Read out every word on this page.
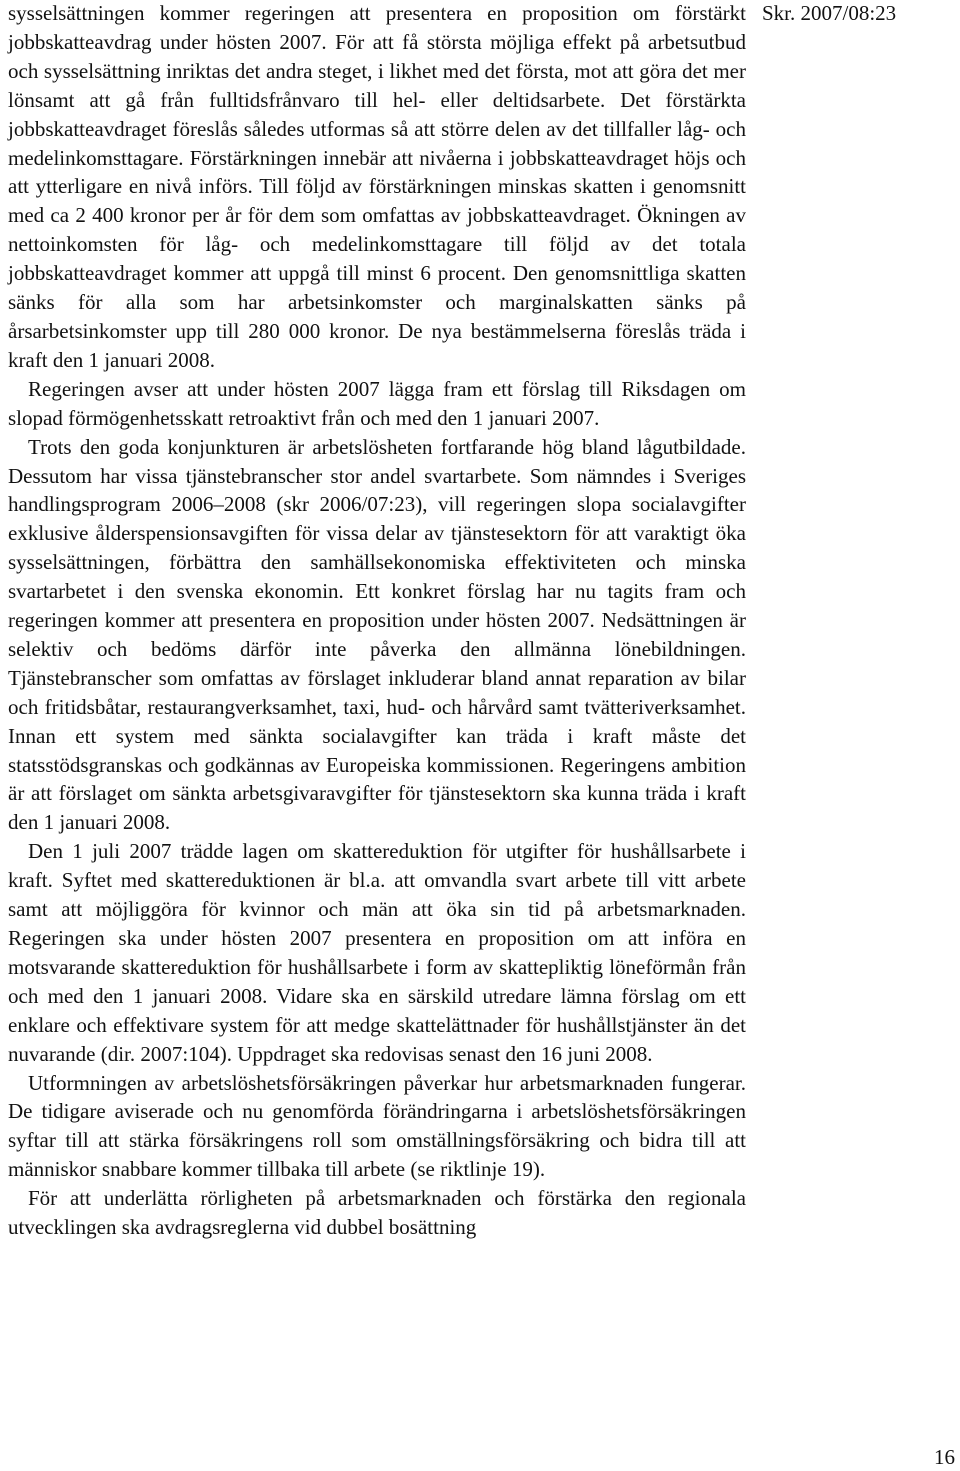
sysselsättningen kommer regeringen att presentera en proposition om förstärkt jobbskatteavdrag under hösten 2007. För att få största möjliga effekt på arbetsutbud och sysselsättning inriktas det andra steget, i likhet med det första, mot att göra det mer lönsamt att gå från fulltidsfrånvaro till hel- eller deltidsarbete. Det förstärkta jobbskatteavdraget föreslås således utformas så att större delen av det tillfaller låg- och medelinkomsttagare. Förstärkningen innebär att nivåerna i jobbskatteavdraget höjs och att ytterligare en nivå införs. Till följd av förstärkningen minskas skatten i genomsnitt med ca 2 400 kronor per år för dem som omfattas av jobbskatteavdraget. Ökningen av nettoinkomsten för låg- och medelinkomsttagare till följd av det totala jobbskatteavdraget kommer att uppgå till minst 6 procent. Den genomsnittliga skatten sänks för alla som har arbetsinkomster och marginalskatten sänks på årsarbetsinkomster upp till 280 000 kronor. De nya bestämmelserna föreslås träda i kraft den 1 januari 2008.

Regeringen avser att under hösten 2007 lägga fram ett förslag till Riksdagen om slopad förmögenhetsskatt retroaktivt från och med den 1 januari 2007.

Trots den goda konjunkturen är arbetslösheten fortfarande hög bland lågutbildade. Dessutom har vissa tjänstebranscher stor andel svartarbete. Som nämndes i Sveriges handlingsprogram 2006–2008 (skr 2006/07:23), vill regeringen slopa socialavgifter exklusive ålderspensionsavgiften för vissa delar av tjänstesektorn för att varaktigt öka sysselsättningen, förbättra den samhällsekonomiska effektiviteten och minska svartarbetet i den svenska ekonomin. Ett konkret förslag har nu tagits fram och regeringen kommer att presentera en proposition under hösten 2007. Nedsättningen är selektiv och bedöms därför inte påverka den allmänna lönebildningen. Tjänstebranscher som omfattas av förslaget inkluderar bland annat reparation av bilar och fritidsbåtar, restaurangverksamhet, taxi, hud- och hårvård samt tvätteriverksamhet. Innan ett system med sänkta socialavgifter kan träda i kraft måste det statsstödsgranskas och godkännas av Europeiska kommissionen. Regeringens ambition är att förslaget om sänkta arbetsgivaravgifter för tjänstesektorn ska kunna träda i kraft den 1 januari 2008.

Den 1 juli 2007 trädde lagen om skattereduktion för utgifter för hushållsarbete i kraft. Syftet med skattereduktionen är bl.a. att omvandla svart arbete till vitt arbete samt att möjliggöra för kvinnor och män att öka sin tid på arbetsmarknaden. Regeringen ska under hösten 2007 presentera en proposition om att införa en motsvarande skattereduktion för hushållsarbete i form av skattepliktig löneförmån från och med den 1 januari 2008. Vidare ska en särskild utredare lämna förslag om ett enklare och effektivare system för att medge skattelättnader för hushållstjänster än det nuvarande (dir. 2007:104). Uppdraget ska redovisas senast den 16 juni 2008.

Utformningen av arbetslöshetsförsäkringen påverkar hur arbetsmarknaden fungerar. De tidigare aviserade och nu genomförda förändringarna i arbetslöshetsförsäkringen syftar till att stärka försäkringens roll som omställningsförsäkring och bidra till att människor snabbare kommer tillbaka till arbete (se riktlinje 19).

För att underlätta rörligheten på arbetsmarknaden och förstärka den regionala utvecklingen ska avdragsreglerna vid dubbel bosättning

Skr. 2007/08:23
16
